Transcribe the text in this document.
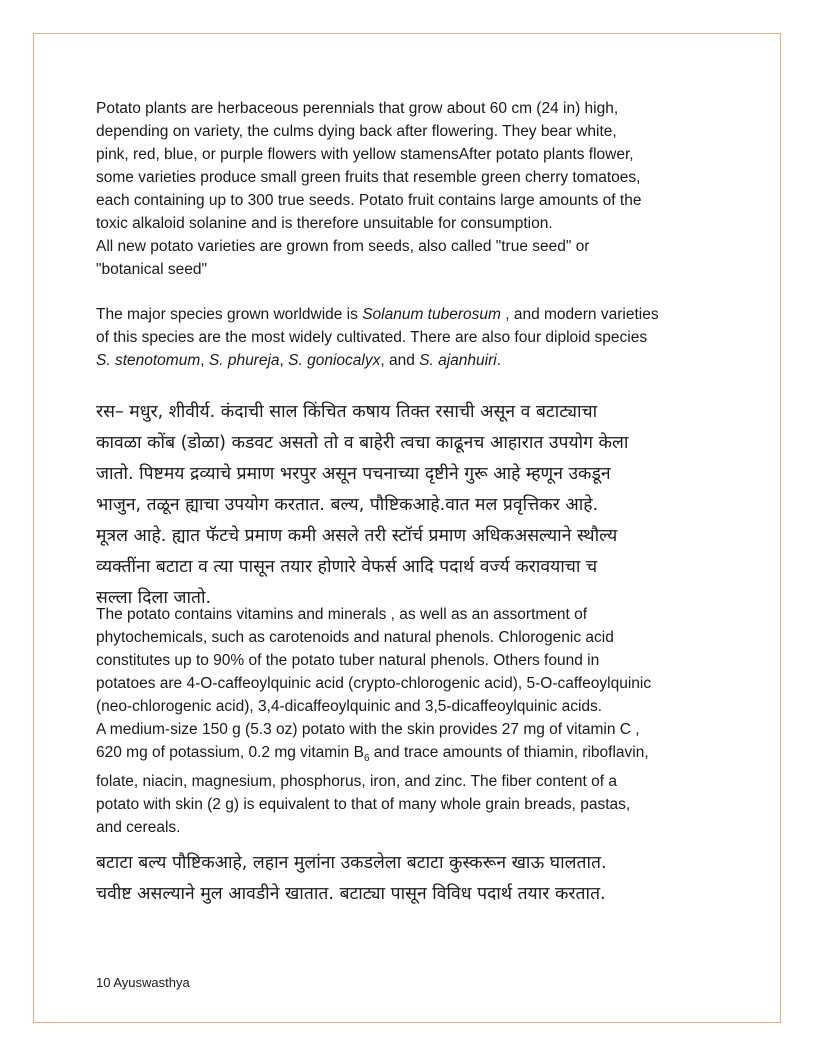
Potato plants are herbaceous perennials that grow about 60 cm (24 in) high,
depending on variety, the culms dying back after flowering. They bear white,
pink, red, blue, or purple flowers with yellow stamensAfter potato plants flower,
some varieties produce small green fruits that resemble green cherry tomatoes,
each containing up to 300 true seeds. Potato fruit contains large amounts of the
toxic alkaloid solanine and is therefore unsuitable for consumption.
All new potato varieties are grown from seeds, also called "true seed" or
"botanical seed"
The major species grown worldwide is Solanum tuberosum , and modern varieties
of this species are the most widely cultivated. There are also four diploid species
S. stenotomum, S. phureja, S. goniocalyx, and S. ajanhuiri.
रस– मधुर, शीवीर्य. कंदाची साल किंचित कषाय तिक्त रसाची असून व बटाट्याचा
कावळा कोंब (डोळा) कडवट असतो तो व बाहेरी त्वचा काढूनच आहारात उपयोग केला
जातो. पिष्टमय द्रव्याचे प्रमाण भरपुर असून पचनाच्या दृष्टीने गुरू आहे म्हणून उकडून
भाजुन, तळून ह्याचा उपयोग करतात. बल्य, पौष्टिकआहे.वात मल प्रवृत्तिकर आहे.
मूत्रल आहे. ह्यात फॅटचे प्रमाण कमी असले तरी स्टॉर्च प्रमाण अधिकअसल्याने स्थौल्य
व्यक्तींना बटाटा व त्या पासून तयार होणारे वेफर्स आदि पदार्थ वर्ज्य करावयाचा च
सल्ला दिला जातो.
The potato contains vitamins and minerals , as well as an assortment of
phytochemicals, such as carotenoids and natural phenols. Chlorogenic acid
constitutes up to 90% of the potato tuber natural phenols. Others found in
potatoes are 4-O-caffeoylquinic acid (crypto-chlorogenic acid), 5-O-caffeoylquinic
(neo-chlorogenic acid), 3,4-dicaffeoylquinic and 3,5-dicaffeoylquinic acids.
A medium-size 150 g (5.3 oz) potato with the skin provides 27 mg of vitamin C ,
620 mg of potassium, 0.2 mg vitamin $B_6$ and trace amounts of thiamin, riboflavin,
folate, niacin, magnesium, phosphorus, iron, and zinc. The fiber content of a
potato with skin (2 g) is equivalent to that of many whole grain breads, pastas,
and cereals.
बटाटा बल्य पौष्टिकआहे, लहान मुलांना उकडलेला बटाटा कुस्करून खाऊ घालतात.
चवीष्ट असल्याने मुल आवडीने खातात. बटाट्या पासून विविध पदार्थ तयार करतात.
10 Ayuswasthya
